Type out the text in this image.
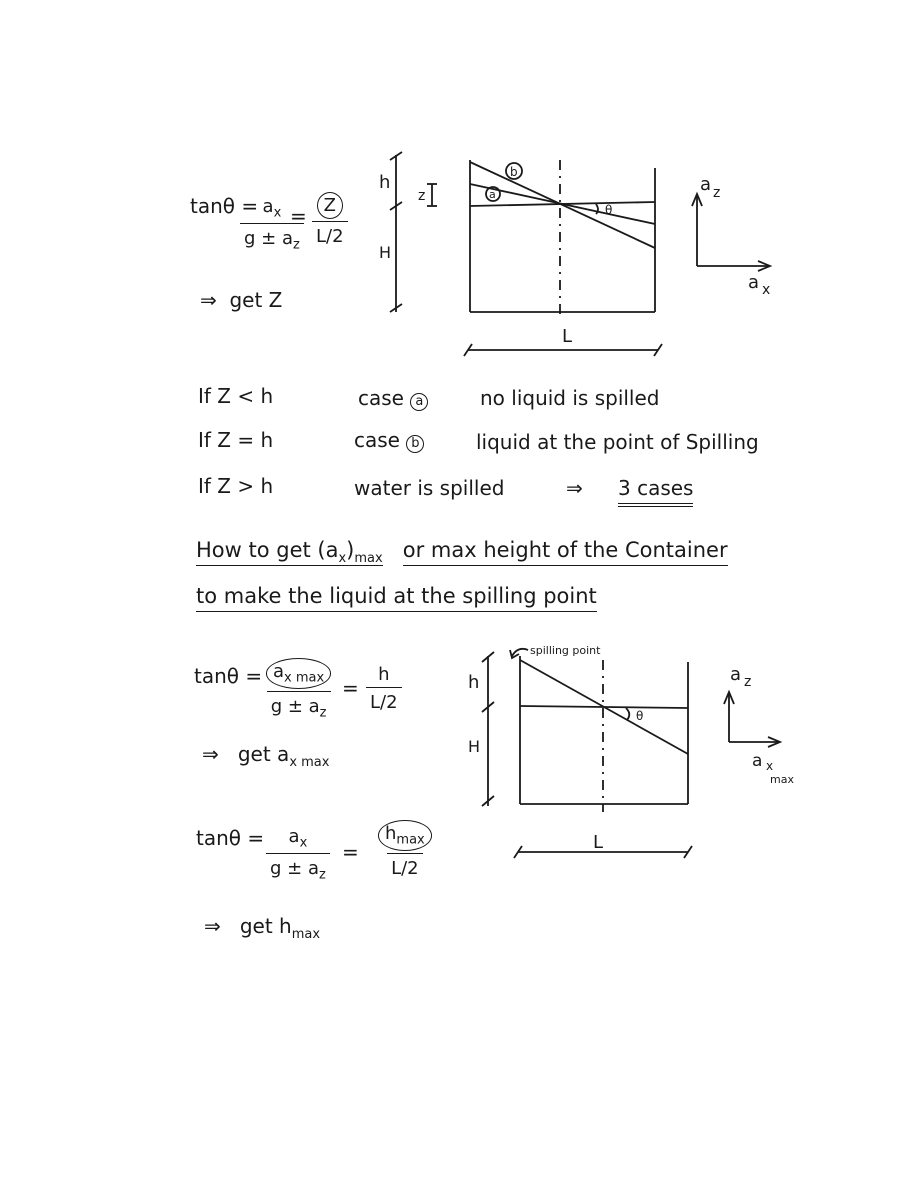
tanθ =
$\frac{a_x}{g \pm a_z}$
= $\frac{Z}{L/2}$
⇒ get Z
h
H
z
b
a
θ
L
a z
a x
If Z < h	case a	no liquid is spilled
If Z = h	case b	liquid at the point of Spilling
If Z > h	water is spilled	⇒ 3 cases
How to get $(a_x)_{max}$ or max height of the Container
to make the liquid at the spilling point
$\tan\theta = a_{x max}$
$g \pm a_z$
= $\frac{h}{L/2}$
⇒ get $a_{x max}$
spilling point
h
H
θ
L
a z
a x
max
$\tan\theta = \frac{a_x}{g \pm a_z}$ =
$h_{max}$
L/2
⇒ get $h_{max}$
